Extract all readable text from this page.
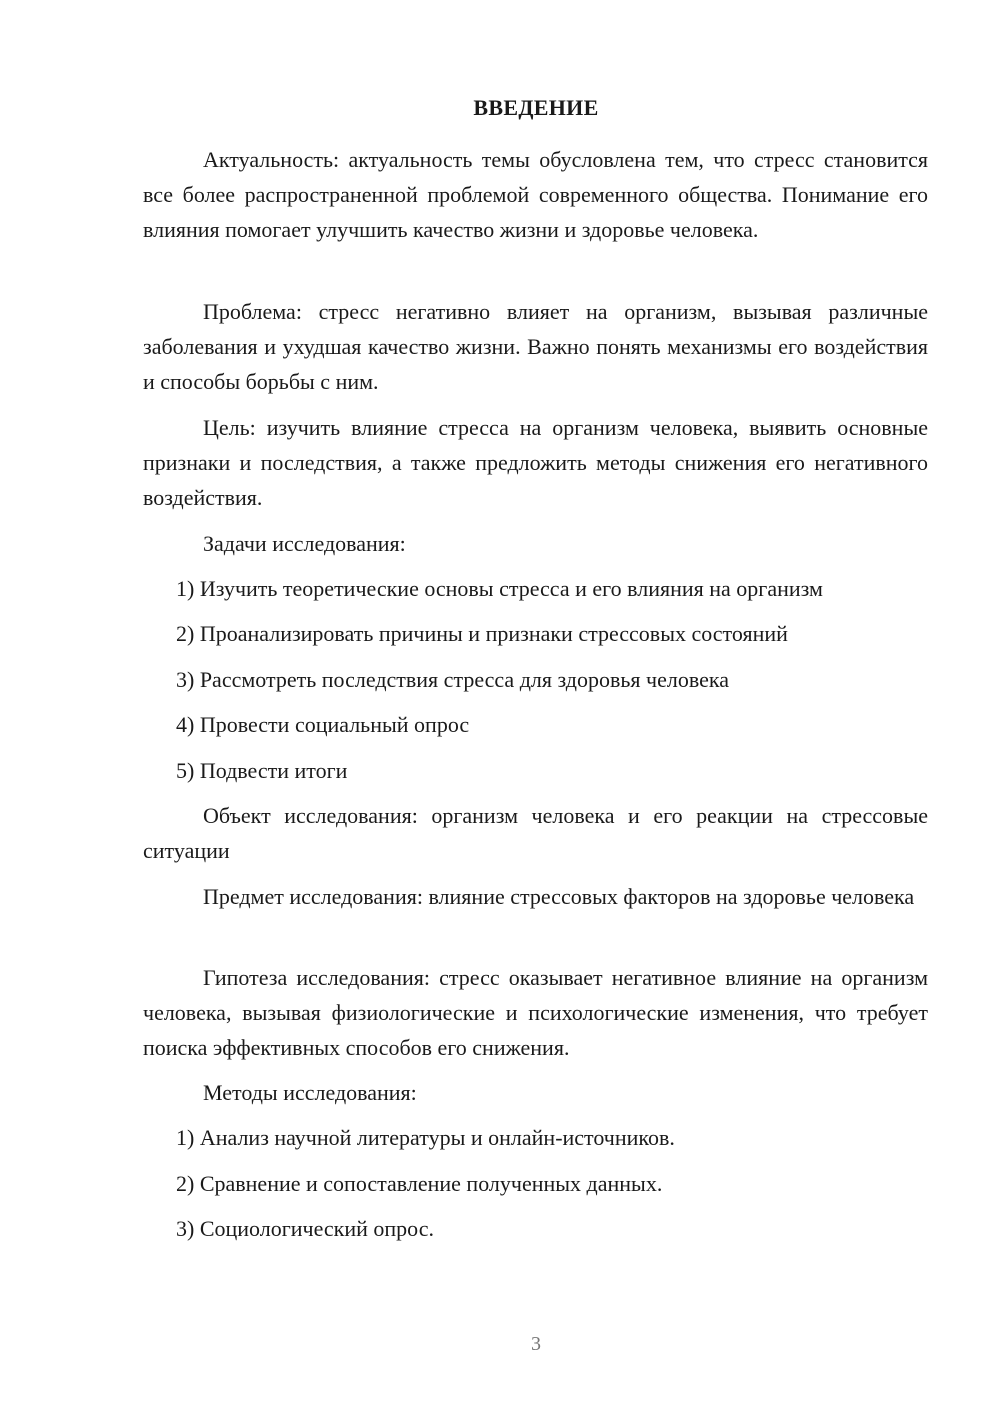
ВВЕДЕНИЕ
Актуальность: актуальность темы обусловлена тем, что стресс становится все более распространенной проблемой современного общества. Понимание его влияния помогает улучшить качество жизни и здоровье человека.
Проблема: стресс негативно влияет на организм, вызывая различные заболевания и ухудшая качество жизни. Важно понять механизмы его воздействия и способы борьбы с ним.
Цель: изучить влияние стресса на организм человека, выявить основные признаки и последствия, а также предложить методы снижения его негативного воздействия.
Задачи исследования:
1) Изучить теоретические основы стресса и его влияния на организм
2) Проанализировать причины и признаки стрессовых состояний
3) Рассмотреть последствия стресса для здоровья человека
4) Провести социальный опрос
5) Подвести итоги
Объект исследования: организм человека и его реакции на стрессовые ситуации
Предмет исследования: влияние стрессовых факторов на здоровье человека
Гипотеза исследования: стресс оказывает негативное влияние на организм человека, вызывая физиологические и психологические изменения, что требует поиска эффективных способов его снижения.
Методы исследования:
1) Анализ научной литературы и онлайн-источников.
2) Сравнение и сопоставление полученных данных.
3) Социологический опрос.
3
